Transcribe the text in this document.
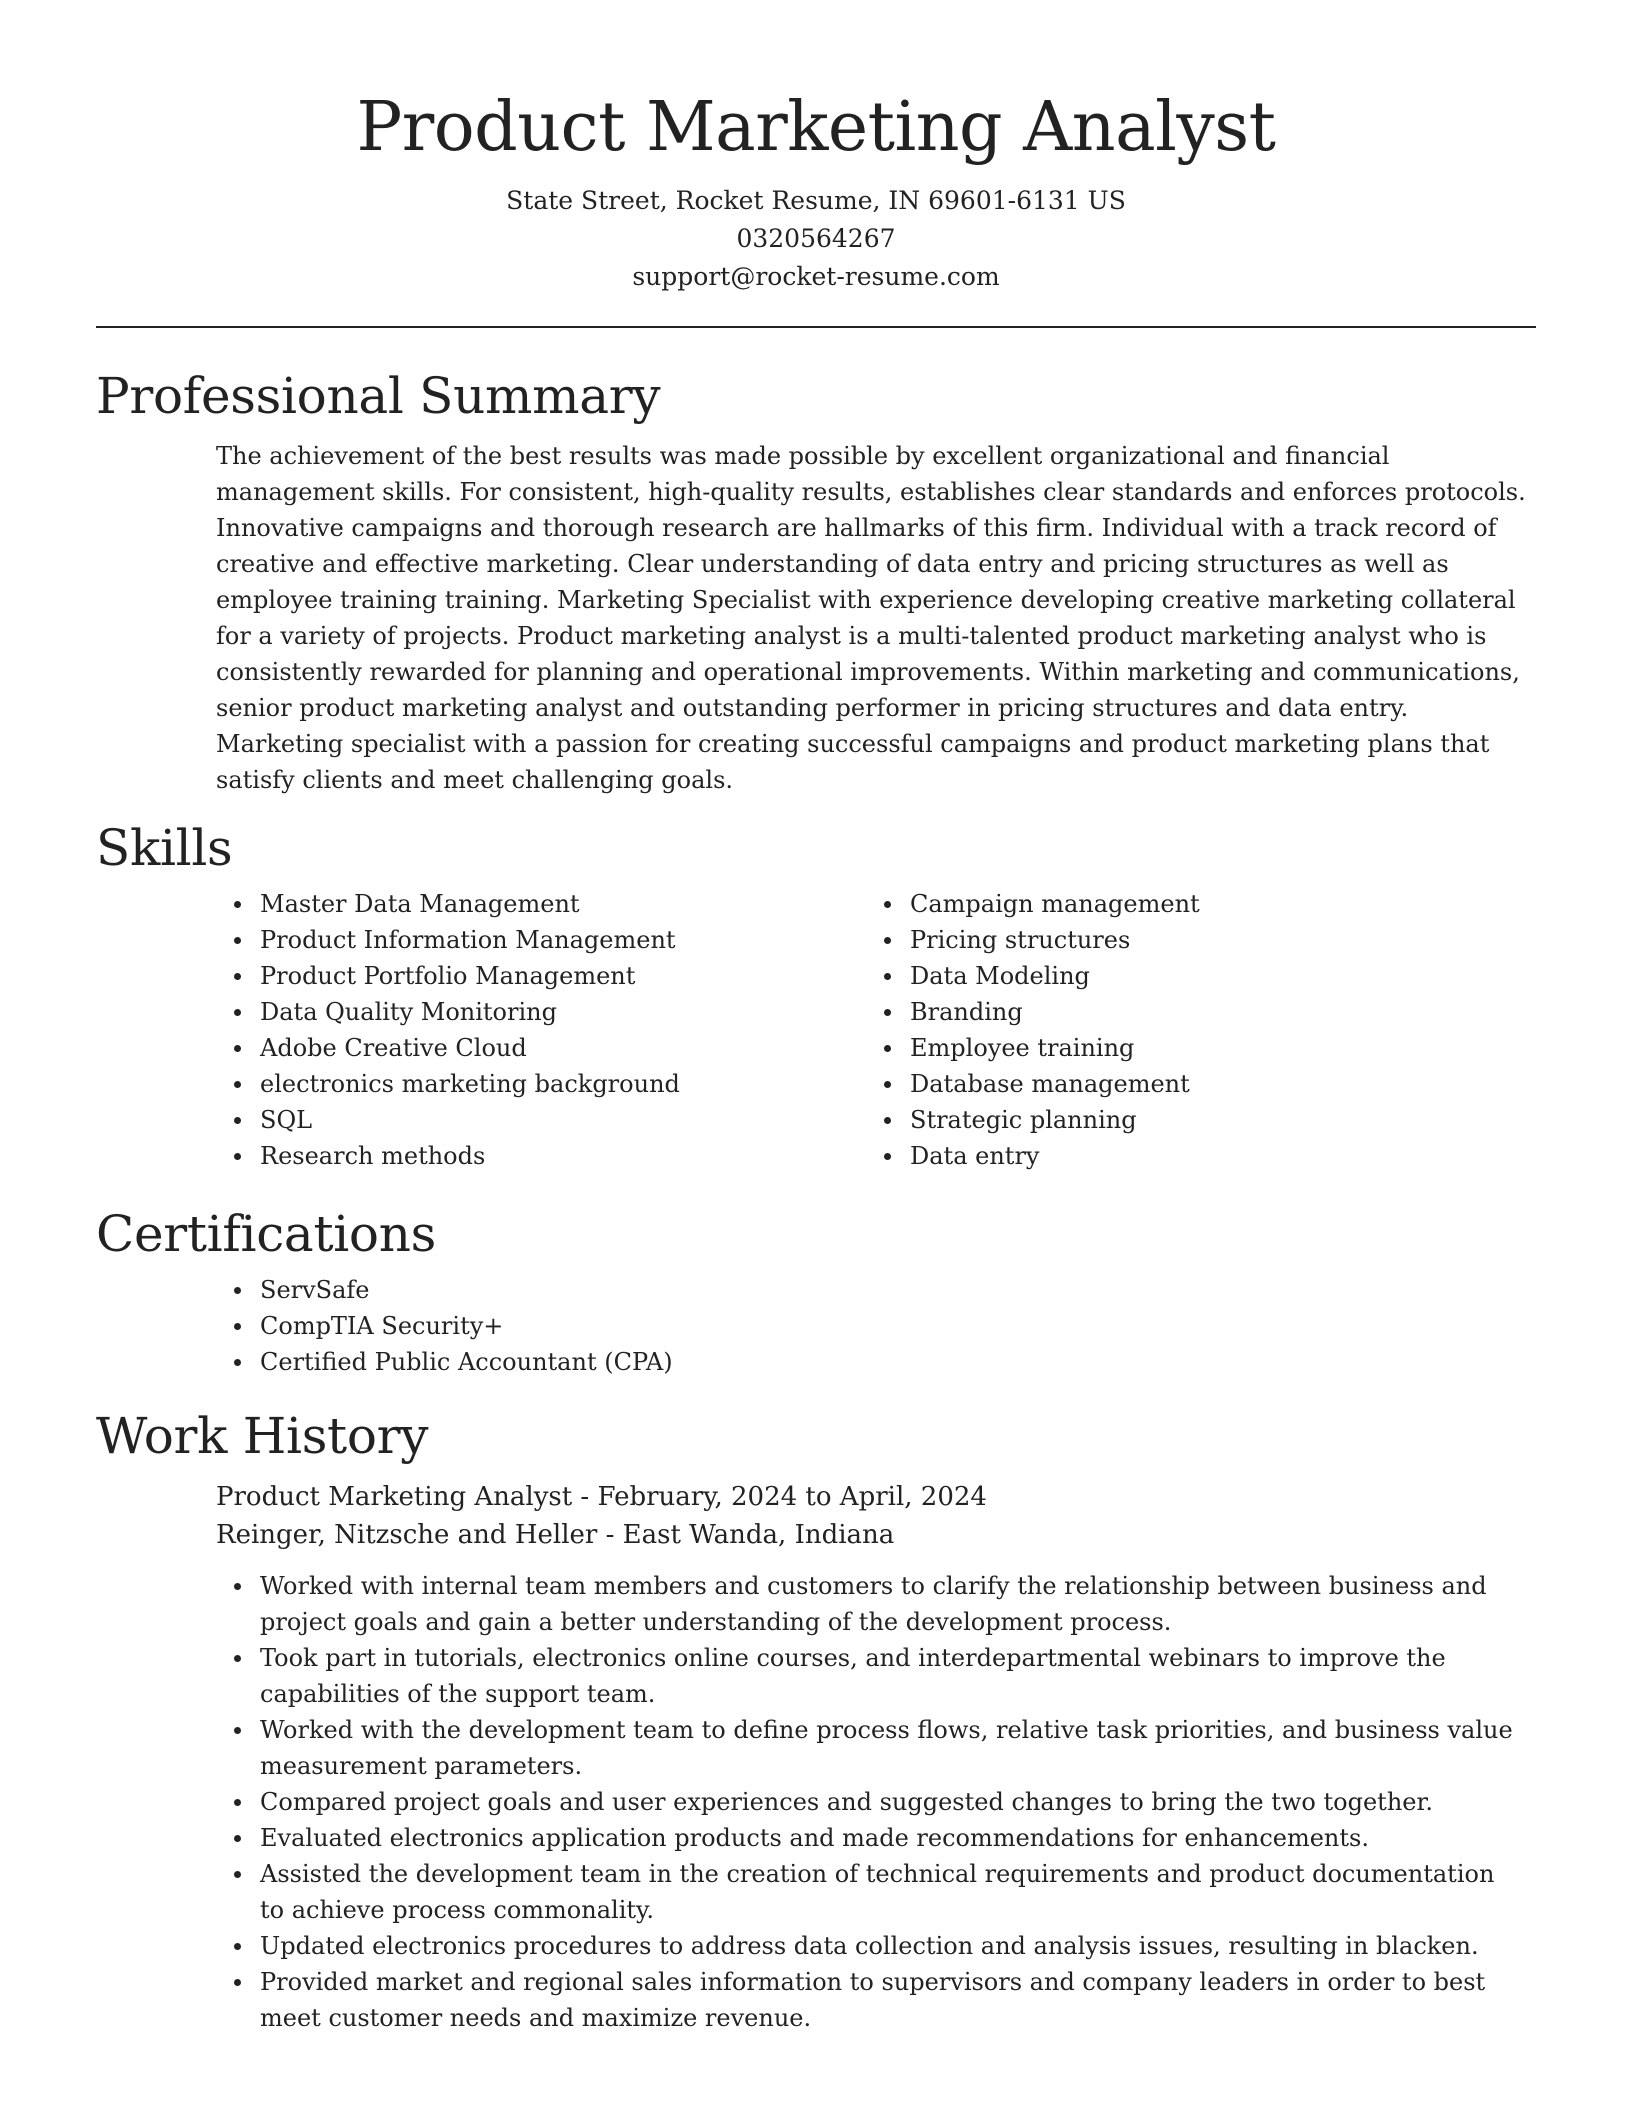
Product Marketing Analyst

State Street, Rocket Resume, IN 69601-6131 US

0320564267

support@rocket-resume.com

Professional Summary

The achievement of the best results was made possible by excellent organizational and financial management skills. For consistent, high-quality results, establishes clear standards and enforces protocols. Innovative campaigns and thorough research are hallmarks of this firm. Individual with a track record of creative and effective marketing. Clear understanding of data entry and pricing structures as well as employee training training. Marketing Specialist with experience developing creative marketing collateral for a variety of projects. Product marketing analyst is a multi-talented product marketing analyst who is consistently rewarded for planning and operational improvements. Within marketing and communications, senior product marketing analyst and outstanding performer in pricing structures and data entry. Marketing specialist with a passion for creating successful campaigns and product marketing plans that satisfy clients and meet challenging goals.

Skills
Master Data Management
Product Information Management
Product Portfolio Management
Data Quality Monitoring
Adobe Creative Cloud
electronics marketing background
SQL
Research methods
Campaign management
Pricing structures
Data Modeling
Branding
Employee training
Database management
Strategic planning
Data entry
Certifications
ServSafe
CompTIA Security+
Certified Public Accountant (CPA)
Work History

Product Marketing Analyst - February, 2024 to April, 2024

Reinger, Nitzsche and Heller - East Wanda, Indiana

Worked with internal team members and customers to clarify the relationship between business and project goals and gain a better understanding of the development process.
Took part in tutorials, electronics online courses, and interdepartmental webinars to improve the capabilities of the support team.
Worked with the development team to define process flows, relative task priorities, and business value measurement parameters.
Compared project goals and user experiences and suggested changes to bring the two together.
Evaluated electronics application products and made recommendations for enhancements.
Assisted the development team in the creation of technical requirements and product documentation to achieve process commonality.
Updated electronics procedures to address data collection and analysis issues, resulting in blacken.
Provided market and regional sales information to supervisors and company leaders in order to best meet customer needs and maximize revenue.
